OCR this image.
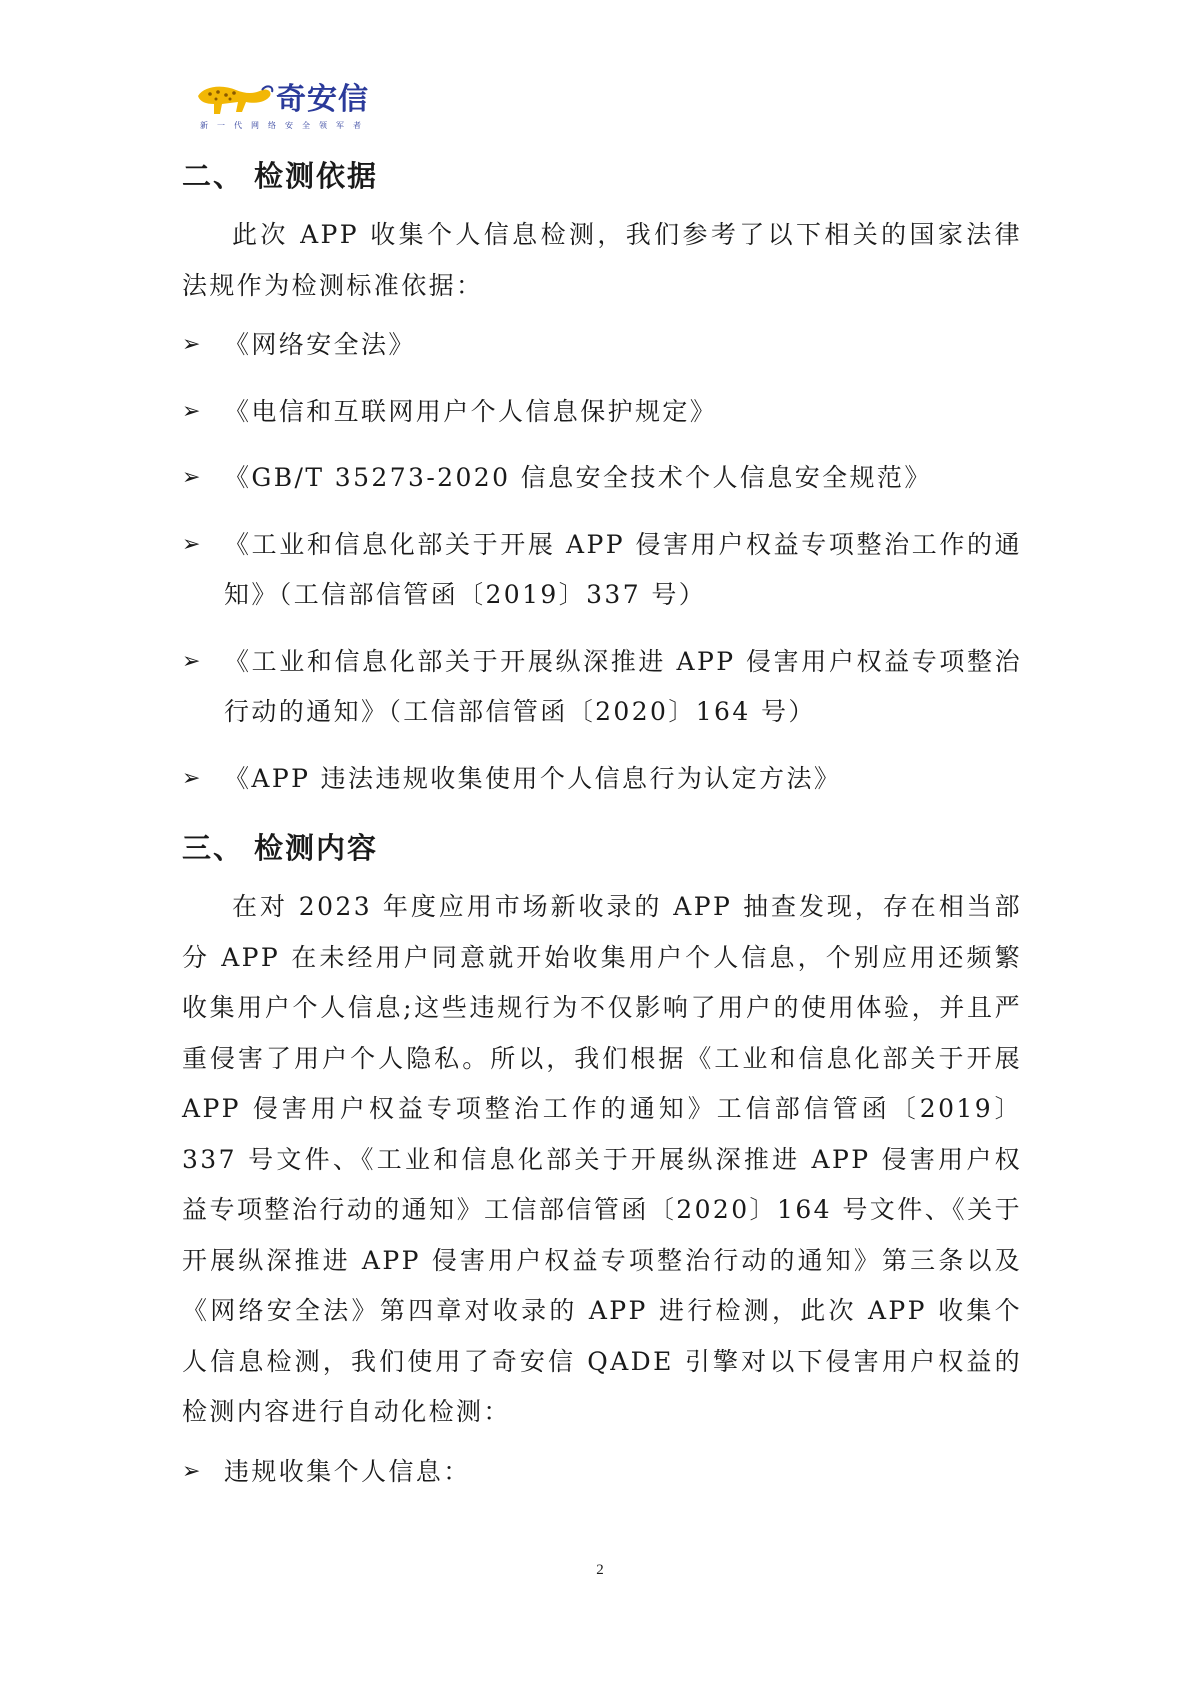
奇安信
新一代网络安全领军者
二、 检测依据

此次 APP 收集个人信息检测，我们参考了以下相关的国家法律法规作为检测标准依据：

➢ 《网络安全法》
➢ 《电信和互联网用户个人信息保护规定》
➢ 《GB/T 35273-2020 信息安全技术个人信息安全规范》
➢ 《工业和信息化部关于开展 APP 侵害用户权益专项整治工作的通知》（工信部信管函〔2019〕337 号）
➢ 《工业和信息化部关于开展纵深推进 APP 侵害用户权益专项整治行动的通知》（工信部信管函〔2020〕164 号）
➢ 《APP 违法违规收集使用个人信息行为认定方法》
三、 检测内容

在对 2023 年度应用市场新收录的 APP 抽查发现，存在相当部分 APP 在未经用户同意就开始收集用户个人信息，个别应用还频繁收集用户个人信息;这些违规行为不仅影响了用户的使用体验，并且严重侵害了用户个人隐私。所以，我们根据《工业和信息化部关于开展 APP 侵害用户权益专项整治工作的通知》工信部信管函〔2019〕337 号文件、《工业和信息化部关于开展纵深推进 APP 侵害用户权益专项整治行动的通知》工信部信管函〔2020〕164 号文件、《关于开展纵深推进 APP 侵害用户权益专项整治行动的通知》第三条以及《网络安全法》第四章对收录的 APP 进行检测，此次 APP 收集个人信息检测，我们使用了奇安信 QADE 引擎对以下侵害用户权益的检测内容进行自动化检测：

➢ 违规收集个人信息：
2
